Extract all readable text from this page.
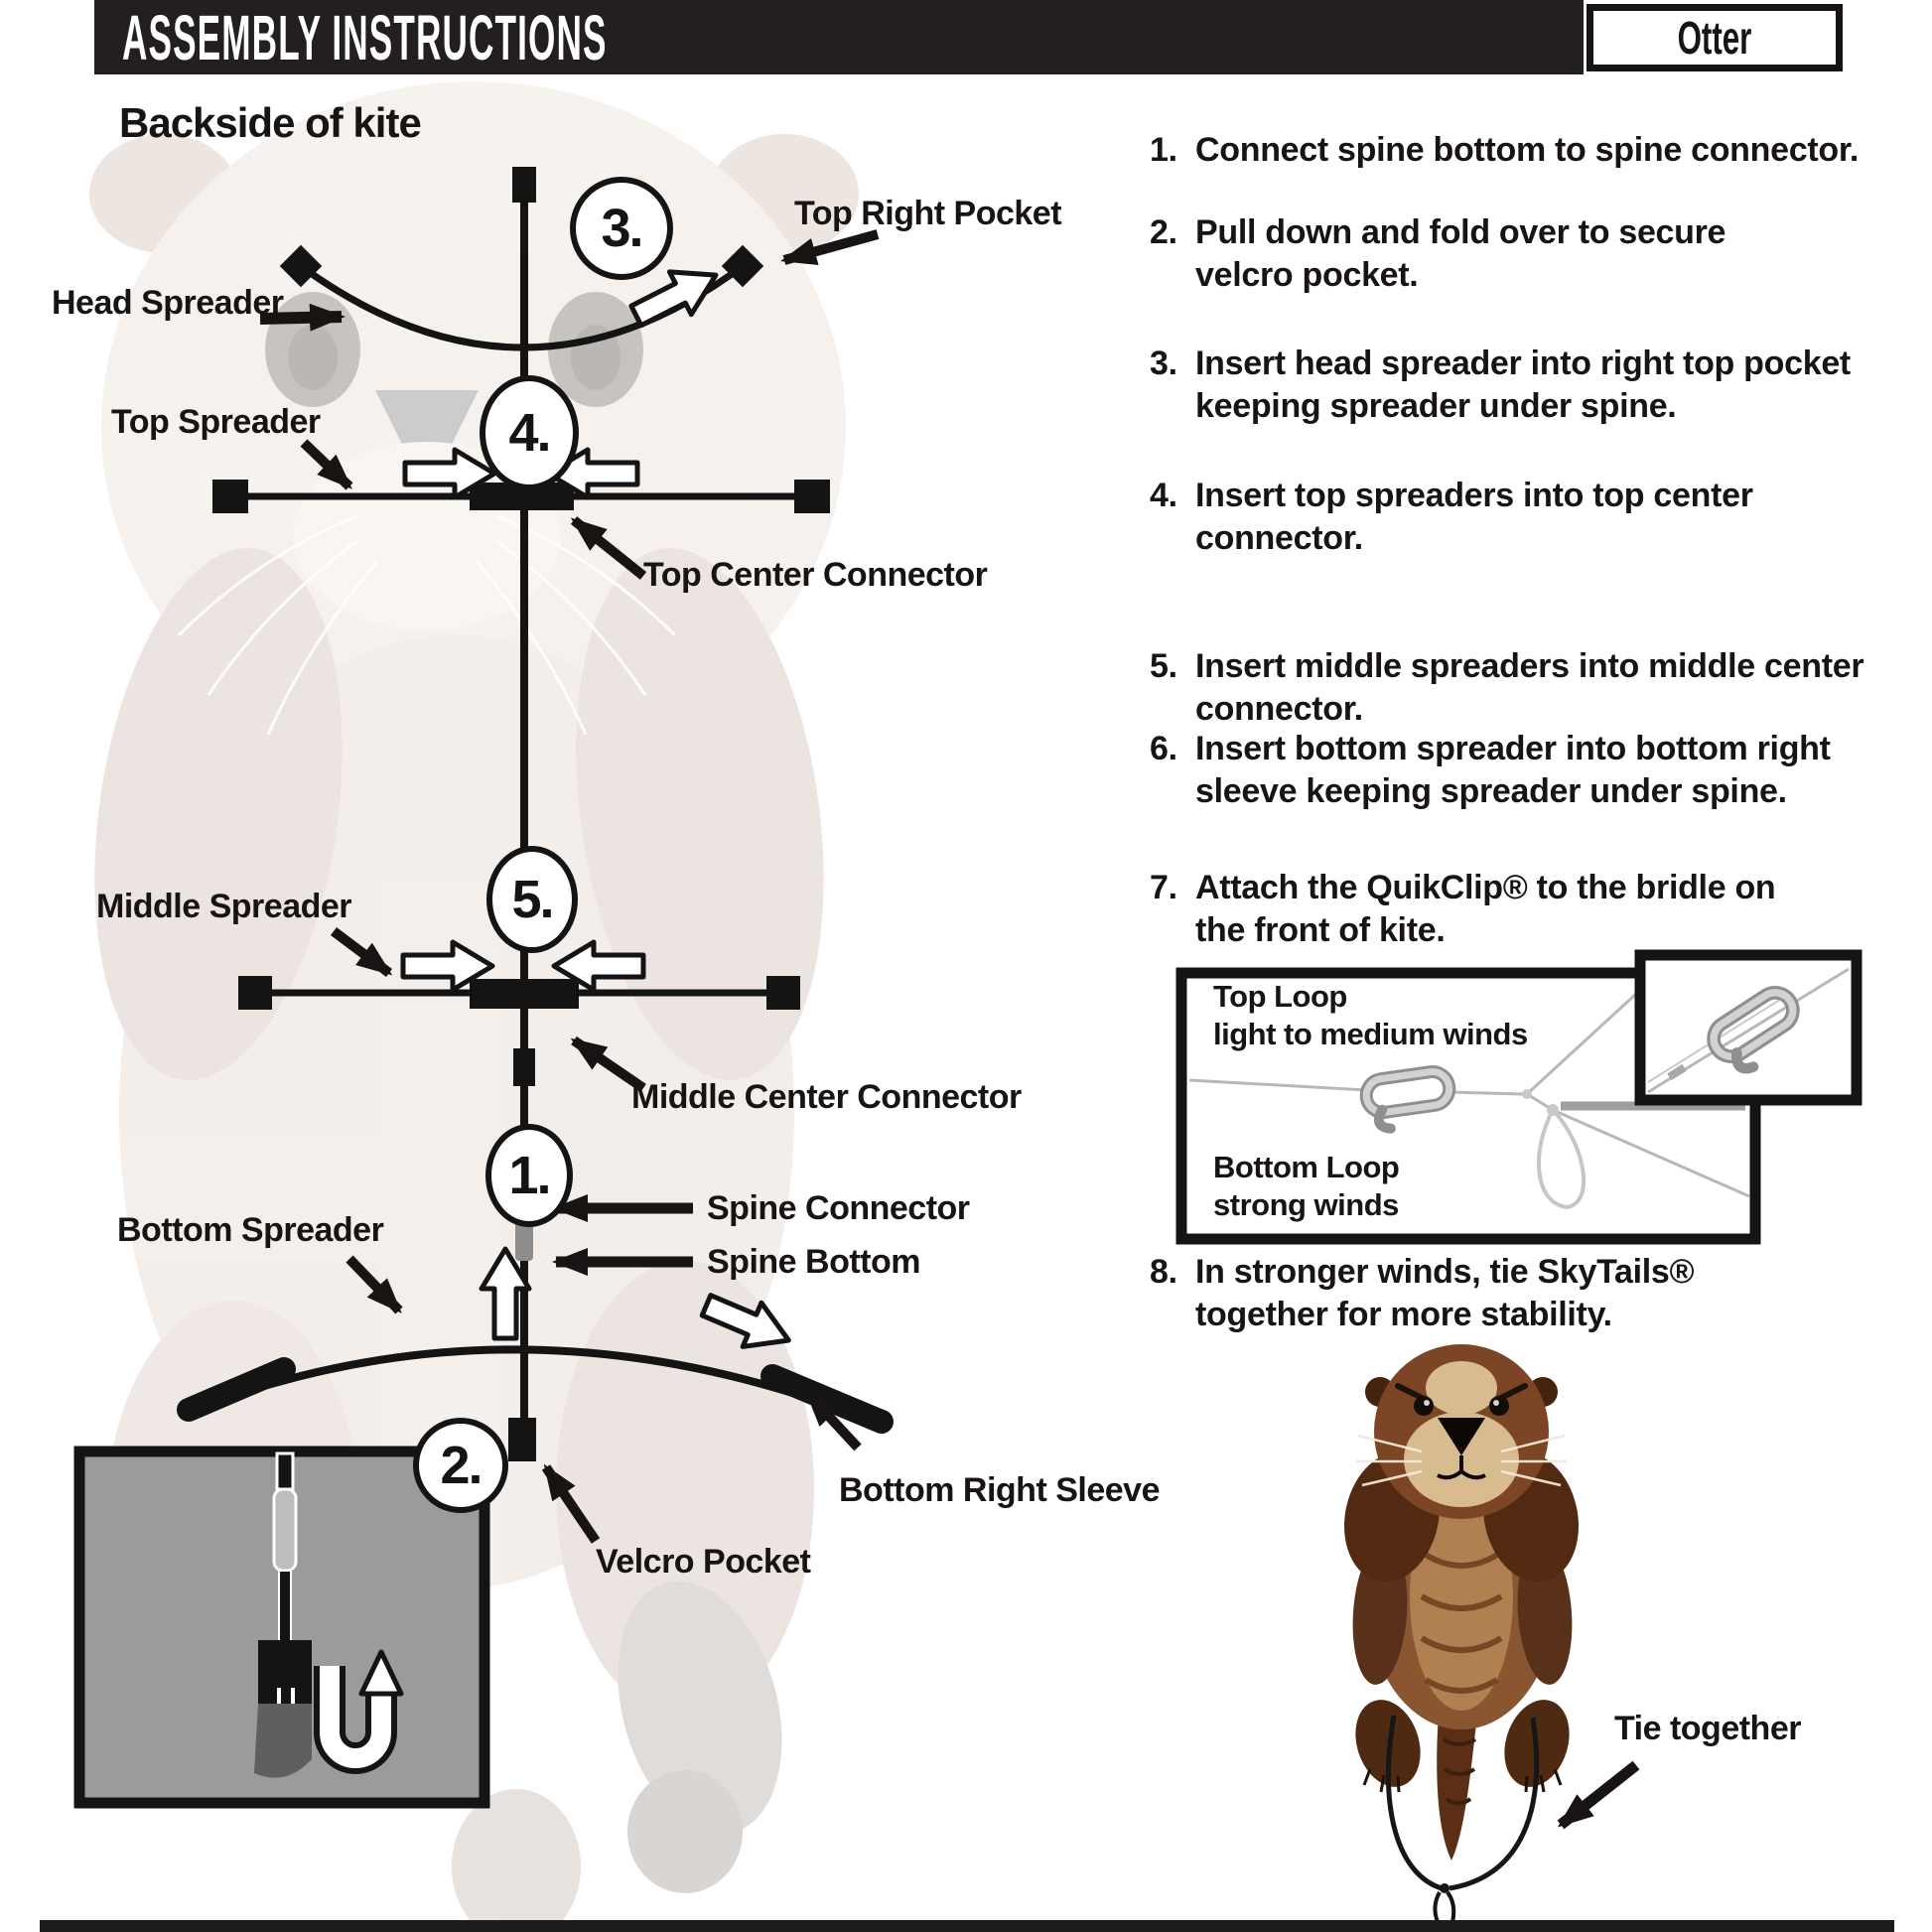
ASSEMBLY INSTRUCTIONS	Otter
Backside of kite
Top Right Pocket
Head Spreader
Top Spreader
Top Center Connector
Middle Spreader
Middle Center Connector
Spine Connector
Spine Bottom
Bottom Spreader
Bottom Right Sleeve
Velcro Pocket
Tie together
Top Loop
light to medium winds
Bottom Loop
strong winds
3.
4.
5.
1.
2.
1. Connect spine bottom to spine connector.
2. Pull down and fold over to secure
velcro pocket.
3. Insert head spreader into right top pocket
keeping spreader under spine.
4. Insert top spreaders into top center
connector.
5. Insert middle spreaders into middle center
connector.
6. Insert bottom spreader into bottom right
sleeve keeping spreader under spine.
7. Attach the QuikClip® to the bridle on
the front of kite.
8. In stronger winds, tie SkyTails®
together for more stability.
